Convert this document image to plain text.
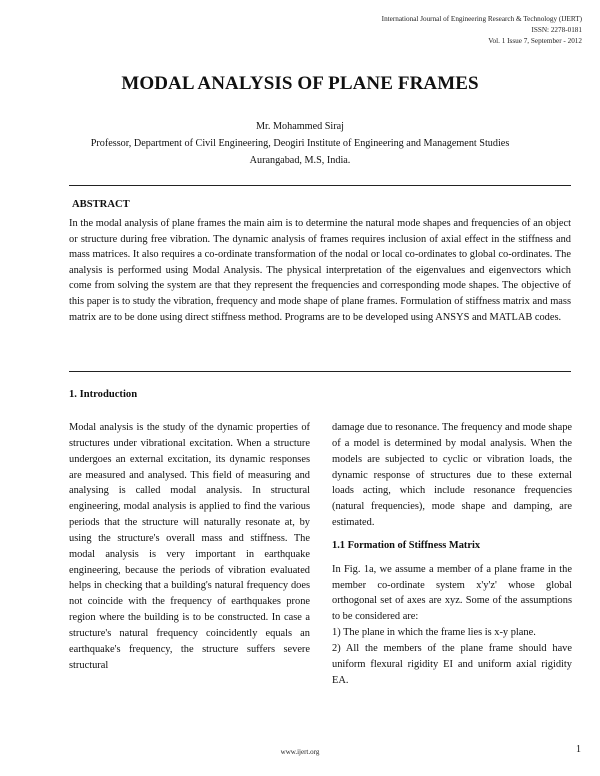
International Journal of Engineering Research & Technology (IJERT)
ISSN: 2278-0181
Vol. 1 Issue 7, September - 2012
MODAL ANALYSIS OF PLANE FRAMES
Mr. Mohammed Siraj
Professor, Department of Civil Engineering, Deogiri Institute of Engineering and Management Studies
Aurangabad, M.S, India.
ABSTRACT
In the modal analysis of plane frames the main aim is to determine the natural mode shapes and frequencies of an object or structure during free vibration. The dynamic analysis of frames requires inclusion of axial effect in the stiffness and mass matrices. It also requires a co-ordinate transformation of the nodal or local co-ordinates to global co-ordinates. The analysis is performed using Modal Analysis. The physical interpretation of the eigenvalues and eigenvectors which come from solving the system are that they represent the frequencies and corresponding mode shapes. The objective of this paper is to study the vibration, frequency and mode shape of plane frames. Formulation of stiffness matrix and mass matrix are to be done using direct stiffness method. Programs are to be developed using ANSYS and MATLAB codes.
1. Introduction

Modal analysis is the study of the dynamic properties of structures under vibrational excitation. When a structure undergoes an external excitation, its dynamic responses are measured and analysed. This field of measuring and analysing is called modal analysis. In structural engineering, modal analysis is applied to find the various periods that the structure will naturally resonate at, by using the structure's overall mass and stiffness. The modal analysis is very important in earthquake engineering, because the periods of vibration evaluated helps in checking that a building's natural frequency does not coincide with the frequency of earthquakes prone region where the building is to be constructed. In case a structure's natural frequency coincidently equals an earthquake's frequency, the structure suffers severe structural

damage due to resonance. The frequency and mode shape of a model is determined by modal analysis. When the models are subjected to cyclic or vibration loads, the dynamic response of structures due to these external loads acting, which include resonance frequencies (natural frequencies), mode shape and damping, are estimated.

1.1 Formation of Stiffness Matrix

In Fig. 1a, we assume a member of a plane frame in the member co-ordinate system x'y'z' whose global orthogonal set of axes are xyz. Some of the assumptions to be considered are:

1) The plane in which the frame lies is x-y plane.

2) All the members of the plane frame should have uniform flexural rigidity EI and uniform axial rigidity EA.

www.ijert.org	1
